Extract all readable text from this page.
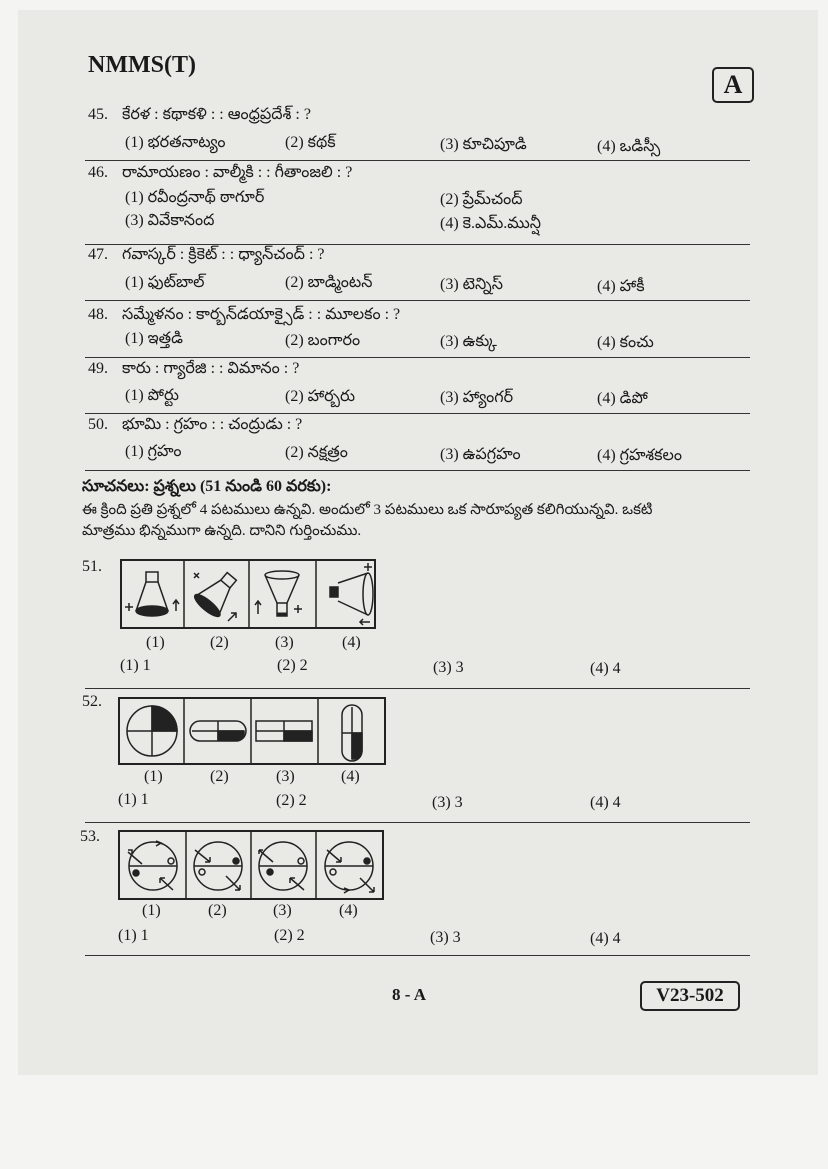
NMMS(T)
A
45. కేరళ : కథాకళి : : ఆంధ్రప్రదేశ్ : ?
(1) భరతనాట్యం	(2) కథక్	(3) కూచిపూడి	(4) ఒడిస్సీ
46. రామాయణం : వాల్మీకి : : గీతాంజలి : ?
(1) రవీంద్రనాథ్ ఠాగూర్	(2) ప్రేమ్‌చంద్
(3) వివేకానంద	(4) కె.ఎమ్.మున్షీ
47. గవాస్కర్ : క్రికెట్ : : ధ్యాన్‌చంద్ : ?
(1) ఫుట్‌బాల్	(2) బాడ్మింటన్	(3) టెన్నిస్	(4) హాకీ
48. సమ్మేళనం : కార్బన్‌డయాక్సైడ్ : : మూలకం : ?
(1) ఇత్తడి	(2) బంగారం	(3) ఉక్కు	(4) కంచు
49. కారు : గ్యారేజి : : విమానం : ?
(1) పోర్టు	(2) హార్బరు	(3) హ్యాంగర్	(4) డిపో
50. భూమి : గ్రహం : : చంద్రుడు : ?
(1) గ్రహం	(2) నక్షత్రం	(3) ఉపగ్రహం	(4) గ్రహశకలం
సూచనలు: ప్రశ్నలు (51 నుండి 60 వరకు):
ఈ క్రింది ప్రతి ప్రశ్నలో 4 పటములు ఉన్నవి. అందులో 3 పటములు ఒక సారూప్యత కలిగియున్నవి. ఒకటి
మాత్రము భిన్నముగా ఉన్నది. దానిని గుర్తించుము.
51.
(1)	(2)	(3)	(4)
(1) 1	(2) 2	(3) 3	(4) 4
52.
(1)	(2)	(3)	(4)
(1) 1	(2) 2	(3) 3	(4) 4
53.
(1)	(2)	(3)	(4)
(1) 1	(2) 2	(3) 3	(4) 4
8 - A	V23-502
